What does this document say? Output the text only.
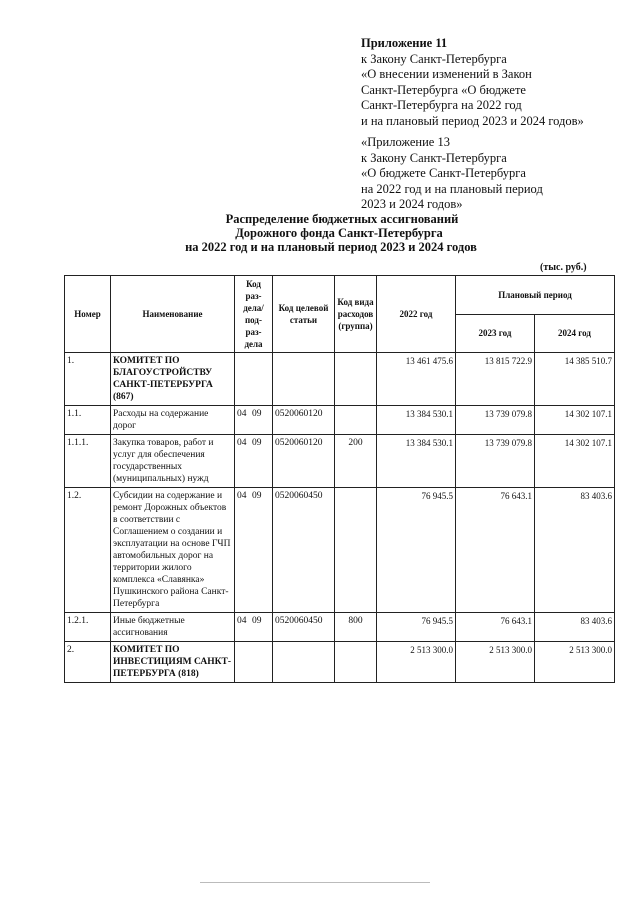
Приложение 11
к Закону Санкт-Петербурга
«О внесении изменений в Закон
Санкт-Петербурга «О бюджете
Санкт-Петербурга на 2022 год
и на плановый период 2023 и 2024 годов»
«Приложение 13
к Закону Санкт-Петербурга
«О бюджете Санкт-Петербурга
на 2022 год и на плановый период
2023 и 2024 годов»
Распределение бюджетных ассигнований
Дорожного фонда Санкт-Петербурга
на 2022 год и на плановый период 2023 и 2024 годов
(тыс. руб.)
Номер	Наименование	Код раз-дела/ под-раз-дела	Код целевой статьи	Код вида расходов (группа)	2022 год	Плановый период	
						2023 год	2024 год
1.	КОМИТЕТ ПО БЛАГОУСТРОЙСТВУ САНКТ-ПЕТЕРБУРГА (867)				13 461 475.6	13 815 722.9	14 385 510.7
1.1.	Расходы на содержание дорог	04 09	0520060120		13 384 530.1	13 739 079.8	14 302 107.1
1.1.1.	Закупка товаров, работ и услуг для обеспечения государственных (муниципальных) нужд	04 09	0520060120	200	13 384 530.1	13 739 079.8	14 302 107.1
1.2.	Субсидии на содержание и ремонт Дорожных объектов в соответствии с Соглашением о создании и эксплуатации на основе ГЧП автомобильных дорог на территории жилого комплекса «Славянка» Пушкинского района Санкт-Петербурга	04 09	0520060450		76 945.5	76 643.1	83 403.6
1.2.1.	Иные бюджетные ассигнования	04 09	0520060450	800	76 945.5	76 643.1	83 403.6
2.	КОМИТЕТ ПО ИНВЕСТИЦИЯМ САНКТ-ПЕТЕРБУРГА (818)				2 513 300.0	2 513 300.0	2 513 300.0
